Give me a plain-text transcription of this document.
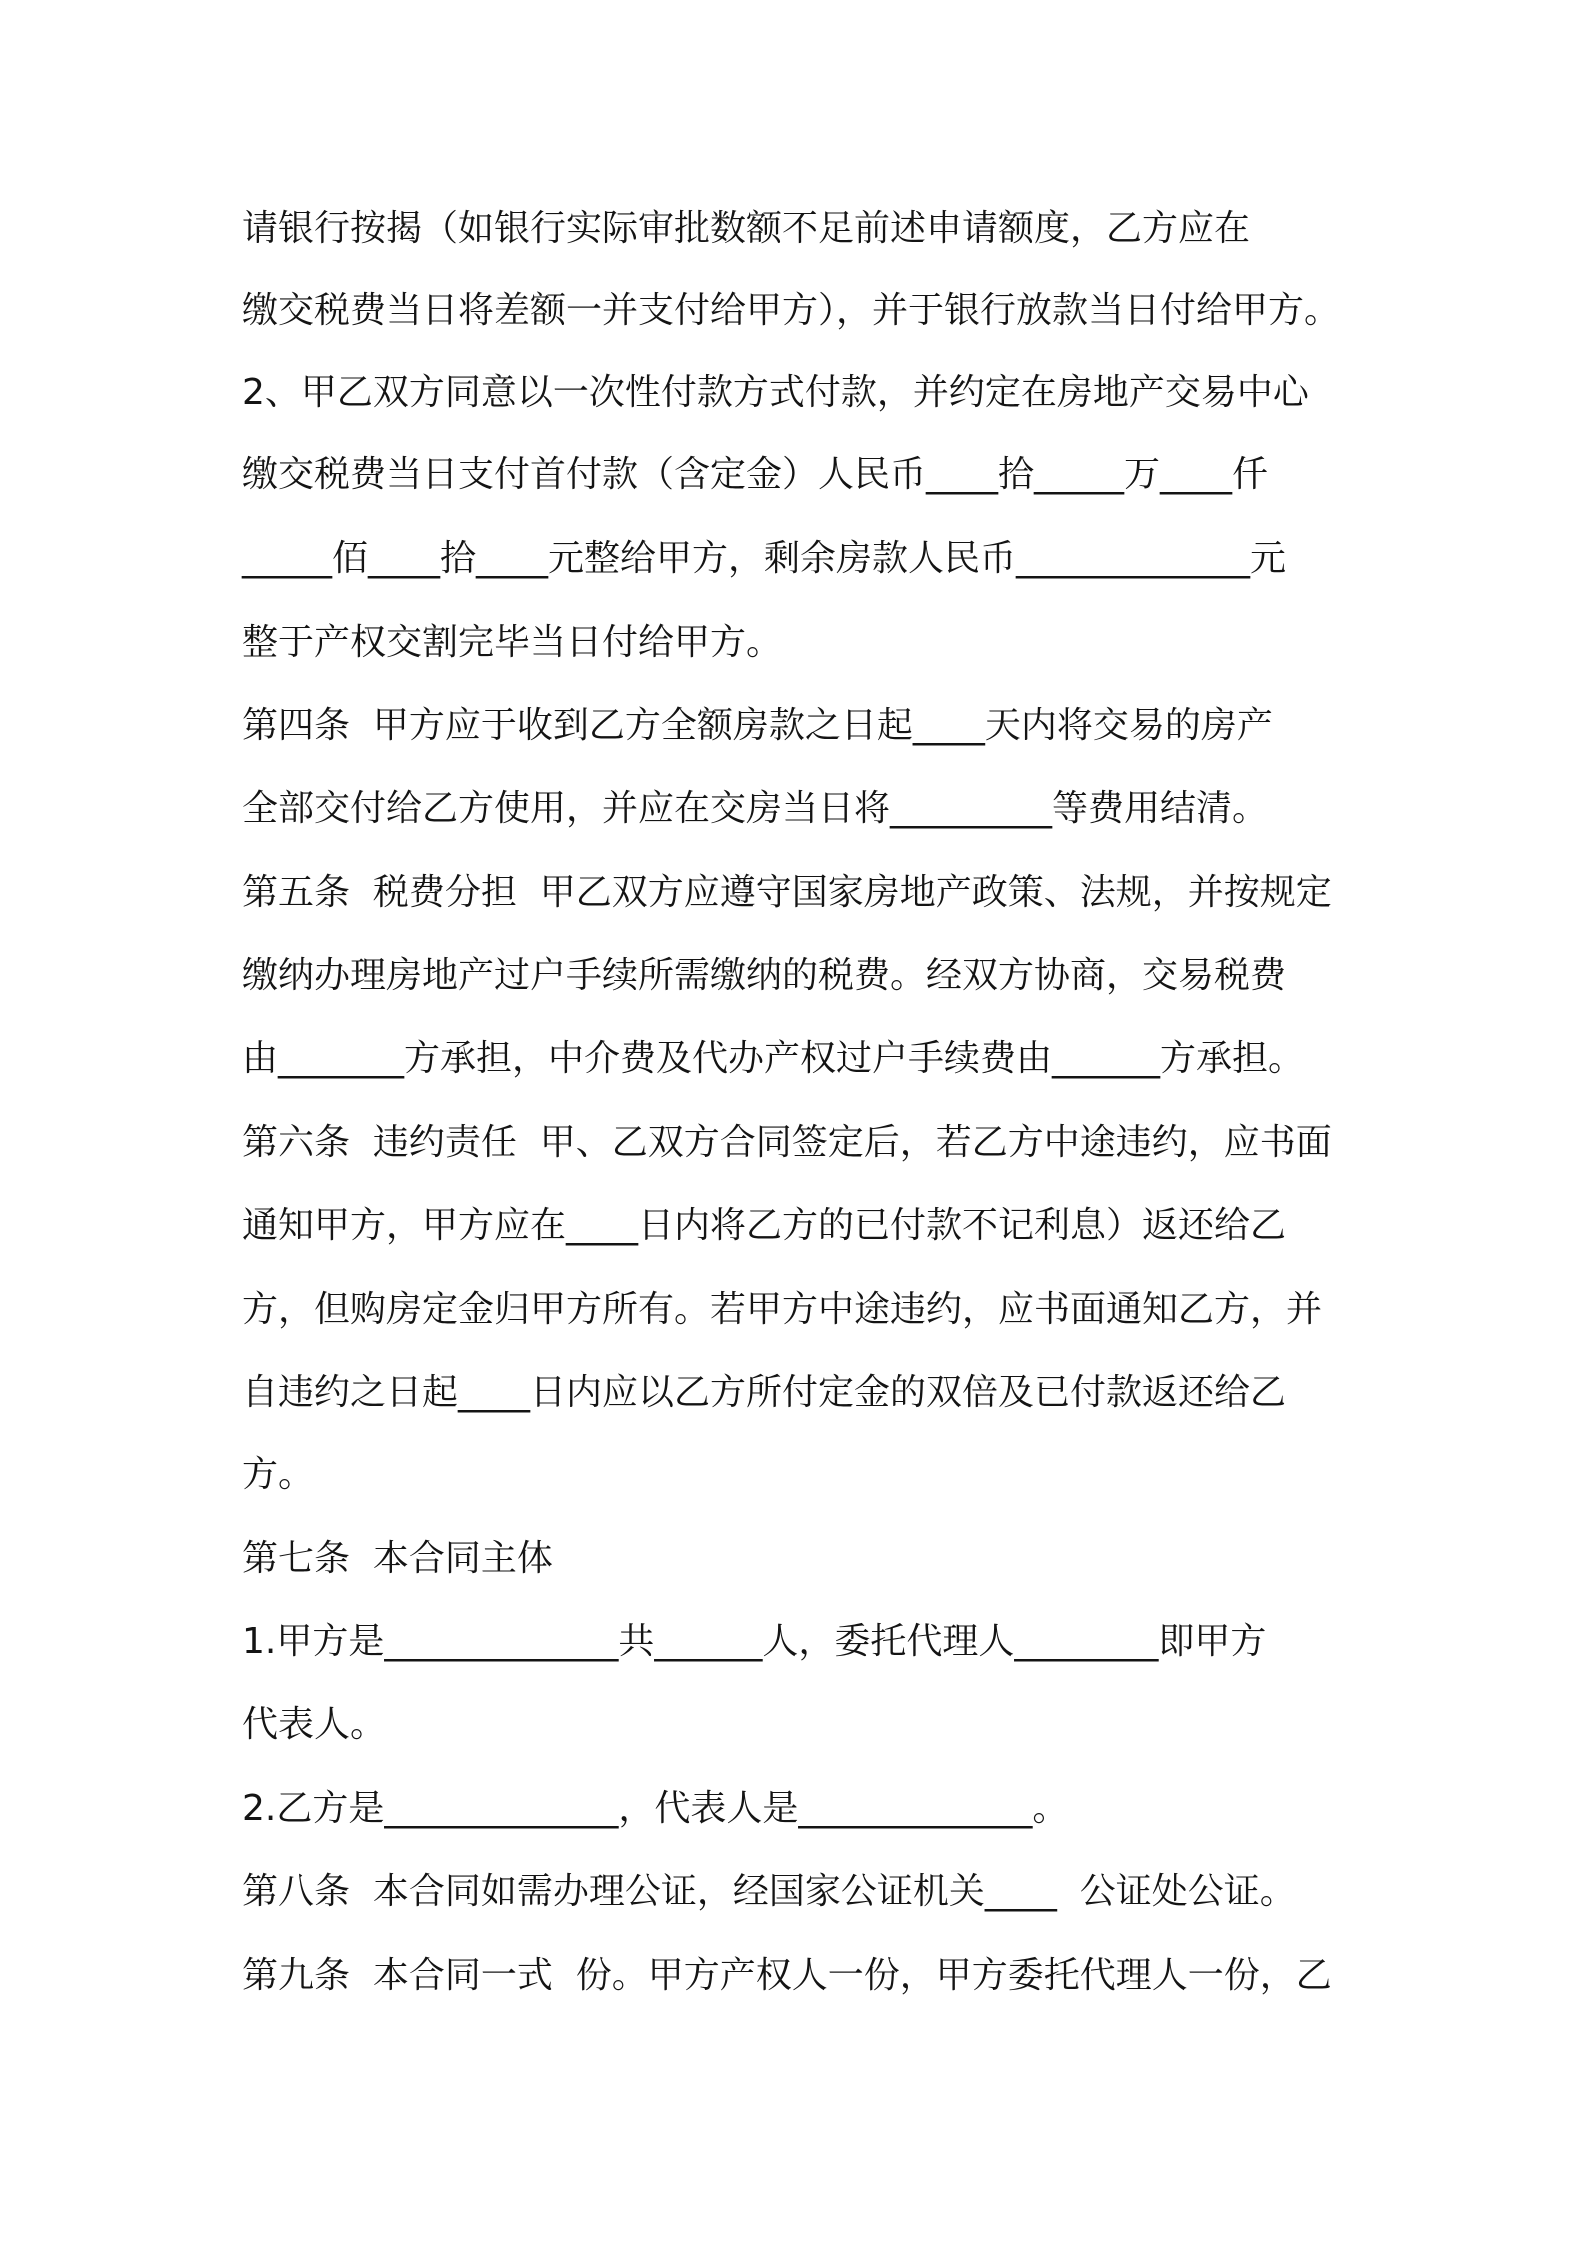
请银行按揭（如银行实际审批数额不足前述申请额度，乙方应在
缴交税费当日将差额一并支付给甲方），并于银行放款当日付给甲方。
2、甲乙双方同意以一次性付款方式付款，并约定在房地产交易中心
缴交税费当日支付首付款（含定金）人民币____拾_____万____仟
_____佰____拾____元整给甲方，剩余房款人民币_____________元
整于产权交割完毕当日付给甲方。
第四条  甲方应于收到乙方全额房款之日起____天内将交易的房产
全部交付给乙方使用，并应在交房当日将_________等费用结清。
第五条  税费分担  甲乙双方应遵守国家房地产政策、法规，并按规定
缴纳办理房地产过户手续所需缴纳的税费。经双方协商，交易税费
由_______方承担，中介费及代办产权过户手续费由______方承担。
第六条  违约责任  甲、乙双方合同签定后，若乙方中途违约，应书面
通知甲方，甲方应在____日内将乙方的已付款不记利息）返还给乙
方，但购房定金归甲方所有。若甲方中途违约，应书面通知乙方，并
自违约之日起____日内应以乙方所付定金的双倍及已付款返还给乙
方。
第七条  本合同主体
1.甲方是_____________共______人，委托代理人________即甲方
代表人。
2.乙方是_____________，代表人是_____________。
第八条  本合同如需办理公证，经国家公证机关____  公证处公证。
第九条  本合同一式  份。甲方产权人一份，甲方委托代理人一份，乙
